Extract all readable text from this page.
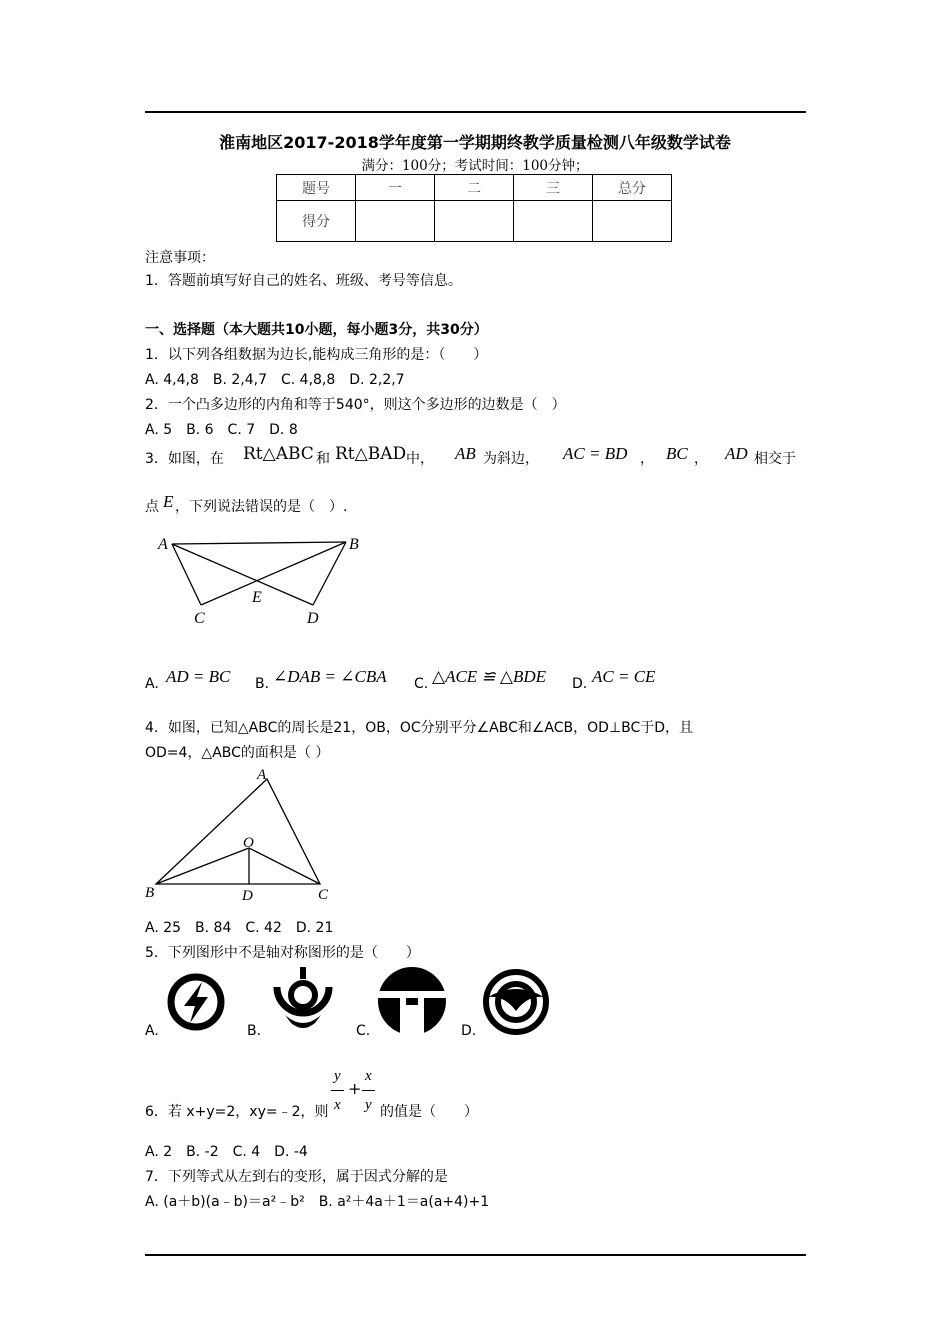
淮南地区2017-2018学年度第一学期期终教学质量检测八年级数学试卷
满分：100分；考试时间：100分钟；
题号	一	二	三	总分
得分				
注意事项：
1．答题前填写好自己的姓名、班级、考号等信息。
一、选择题（本大题共10小题，每小题3分，共30分）
1．以下列各组数据为边长,能构成三角形的是：（　　）
A. 4,4,8　B. 2,4,7　C. 4,8,8　D. 2,2,7
2．一个凸多边形的内角和等于540°，则这个多边形的边数是（　）
A. 5　B. 6　C. 7　D. 8
3．如图，在 Rt△ABC 和 Rt△BAD 中， AB 为斜边， AC = BD ， BC ， AD 相交于
点 E ，下列说法错误的是（　）.
A	B
C	D
E
A. AD = BC B. ∠DAB = ∠CBA C. △ACE ≌ △BDE D. AC = CE
4．如图，已知△ABC的周长是21，OB，OC分别平分∠ABC和∠ACB，OD⊥BC于D，且
OD=4，△ABC的面积是（ ）
A
O
B	D	C
A. 25　B. 84　C. 42　D. 21
5．下列图形中不是轴对称图形的是（　　）
A.	B.	C.	D.
6．若 x+y=2，xy=﹣2，则
y
x
+
x
y 的值是（　　）
A. 2　B. -2　C. 4　D. -4
7．下列等式从左到右的变形，属于因式分解的是
A. (a＋b)(a﹣b)＝a²﹣b²　B. a²＋4a＋1＝a(a+4)+1
